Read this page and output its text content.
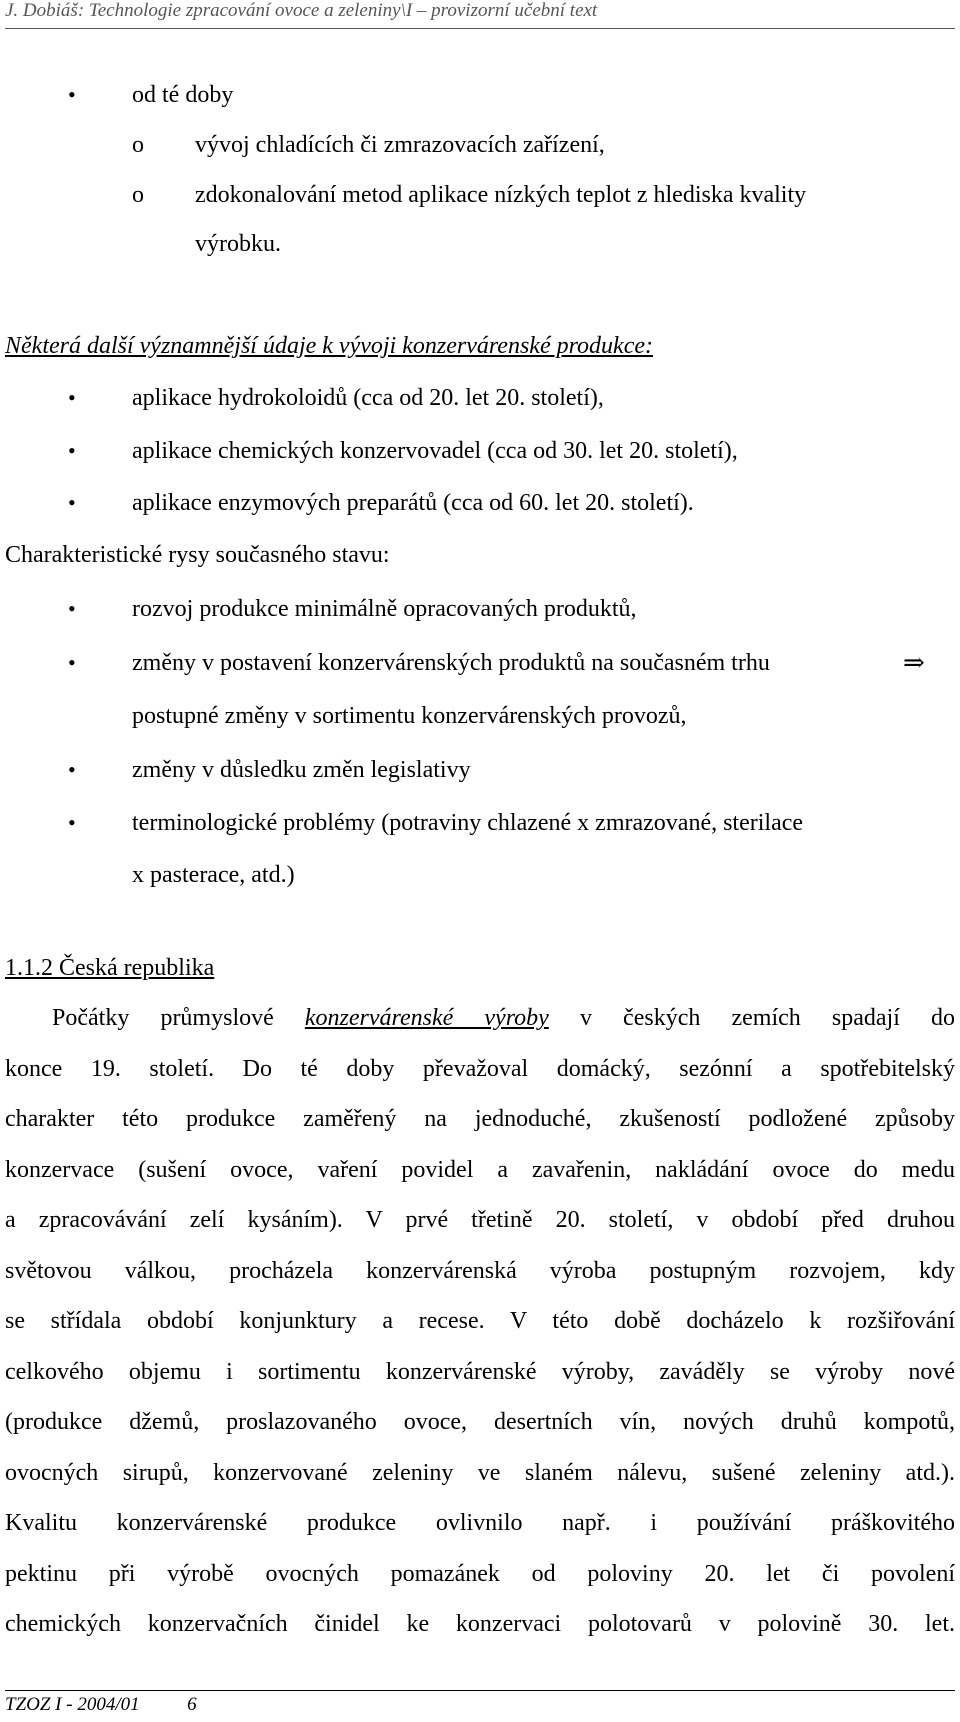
J. Dobiáš: Technologie zpracování ovoce a zeleniny\I – provizorní učební text
• od té doby
o vývoj chladících či zmrazovacích zařízení,
o zdokonalování metod aplikace nízkých teplot z hlediska kvality
výrobku.
Některá další významnější údaje k vývoji konzervárenské produkce:
• aplikace hydrokoloidů (cca od 20. let 20. století),
• aplikace chemických konzervovadel (cca od 30. let 20. století),
• aplikace enzymových preparátů (cca od 60. let 20. století).
Charakteristické rysy současného stavu:
• rozvoj produkce minimálně opracovaných produktů,
• změny v postavení konzervárenských produktů na současném trhu	⇒
postupné změny v sortimentu konzervárenských provozů,
• změny v důsledku změn legislativy
• terminologické problémy (potraviny chlazené x zmrazované, sterilace
x pasterace, atd.)
1.1.2 Česká republika
Počátky průmyslové konzervárenské výroby v českých zemích spadají do
konce 19. století. Do té doby převažoval domácký, sezónní a spotřebitelský
charakter této produkce zaměřený na jednoduché, zkušeností podložené způsoby
konzervace (sušení ovoce, vaření povidel a zavařenin, nakládání ovoce do medu
a zpracovávání zelí kysáním). V prvé třetině 20. století, v období před druhou
světovou válkou, procházela konzervárenská výroba postupným rozvojem, kdy
se střídala období konjunktury a recese. V této době docházelo k rozšiřování
celkového objemu i sortimentu konzervárenské výroby, zaváděly se výroby nové
(produkce džemů, proslazovaného ovoce, desertních vín, nových druhů kompotů,
ovocných sirupů, konzervované zeleniny ve slaném nálevu, sušené zeleniny atd.).
Kvalitu konzervárenské produkce ovlivnilo např. i používání práškovitého
pektinu při výrobě ovocných pomazánek od poloviny 20. let či povolení
chemických konzervačních činidel ke konzervaci polotovarů v polovině 30. let.
TZOZ I - 2004/01          6
